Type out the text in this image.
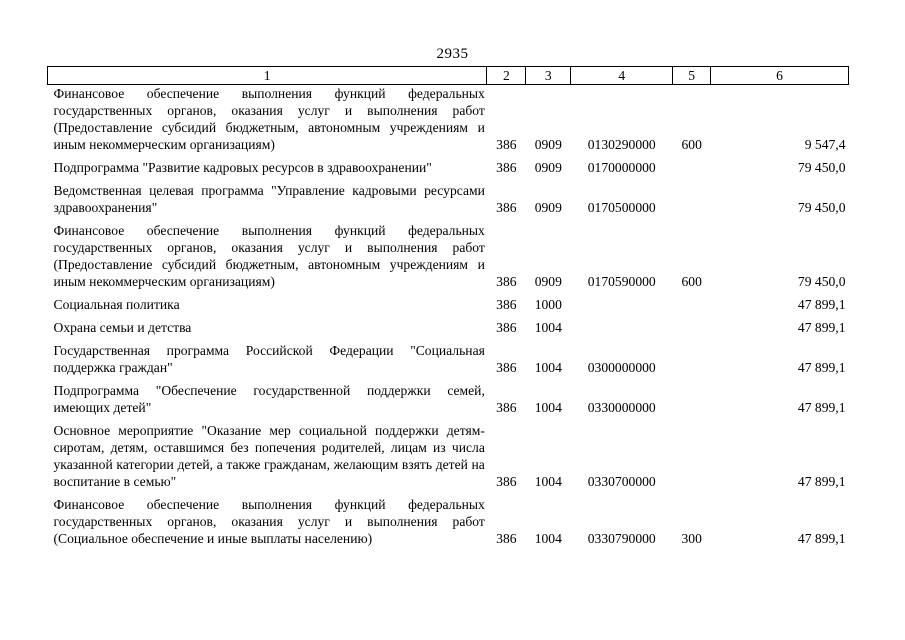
2935
1	2	3	4	5	6
Финансовое обеспечение выполнения функций федеральных государственных органов, оказания услуг и выполнения работ (Предоставление субсидий бюджетным, автономным учреждениям и иным некоммерческим организациям)	386	0909	0130290000	600	9 547,4
Подпрограмма "Развитие кадровых ресурсов в здравоохранении"	386	0909	0170000000		79 450,0
Ведомственная целевая программа "Управление кадровыми ресурсами здравоохранения"	386	0909	0170500000		79 450,0
Финансовое обеспечение выполнения функций федеральных государственных органов, оказания услуг и выполнения работ (Предоставление субсидий бюджетным, автономным учреждениям и иным некоммерческим организациям)	386	0909	0170590000	600	79 450,0
Социальная политика	386	1000			47 899,1
Охрана семьи и детства	386	1004			47 899,1
Государственная программа Российской Федерации "Социальная поддержка граждан"	386	1004	0300000000		47 899,1
Подпрограмма "Обеспечение государственной поддержки семей, имеющих детей"	386	1004	0330000000		47 899,1
Основное мероприятие "Оказание мер социальной поддержки детям-сиротам, детям, оставшимся без попечения родителей, лицам из числа указанной категории детей, а также гражданам, желающим взять детей на воспитание в семью"	386	1004	0330700000		47 899,1
Финансовое обеспечение выполнения функций федеральных государственных органов, оказания услуг и выполнения работ (Социальное обеспечение и иные выплаты населению)	386	1004	0330790000	300	47 899,1
